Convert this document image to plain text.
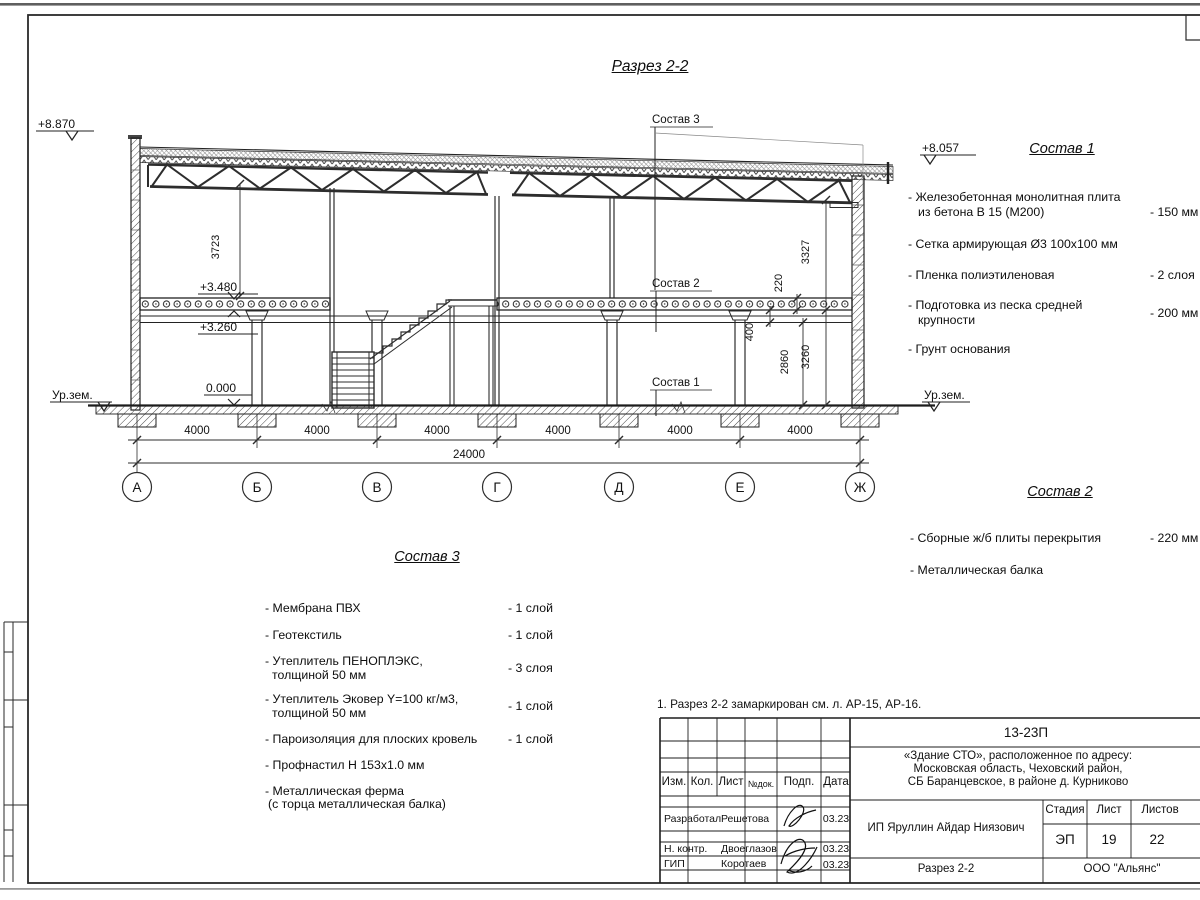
А	Б	В	Г	Д	Е	Ж
4000	4000	4000	4000	4000	4000
24000
3723	3327
220
400
2860 3260
+8.870
+8.057
+3.480
+3.260
0.000
Ур.зем.	Ур.зем.
Состав 3
Состав 2
Состав 1
Разрез 2-2
Состав 1
- Железобетонная монолитная плита
из бетона В 15 (М200)	- 150 мм
- Сетка армирующая Ø3 100х100 мм
- Пленка полиэтиленовая	- 2 слоя
- Подготовка из песка средней
крупности	- 200 мм
- Грунт основания
Состав 2
- Сборные ж/б плиты перекрытия	- 220 мм
- Металлическая балка
Состав 3
- Мембрана ПВХ	- 1 слой
- Геотекстиль	- 1 слой
- Утеплитель ПЕНОПЛЭКС,
толщиной 50 мм	- 3 слоя
- Утеплитель Эковер Y=100 кг/м3,
толщиной 50 мм	- 1 слой
- Пароизоляция для плоских кровель - 1 слой
- Профнастил Н 153х1.0 мм
- Металлическая ферма
(с торца металлическая балка)
1. Разрез 2-2 замаркирован см. л. АР-15, АР-16.
Изм. Кол. Лист №док. Подп. Дата
Разработал Решетова	03.23
Н. контр. Двоеглазов	03.23
ГИП	Коротаев	03.23
13-23П
«Здание СТО», расположенное по адресу:
Московская область, Чеховский район,
СБ Баранцевское, в районе д. Курниково
ИП Яруллин Айдар Ниязович
Стадия Лист Листов
ЭП 19 22
Разрез 2-2	ООО "Альянс"
